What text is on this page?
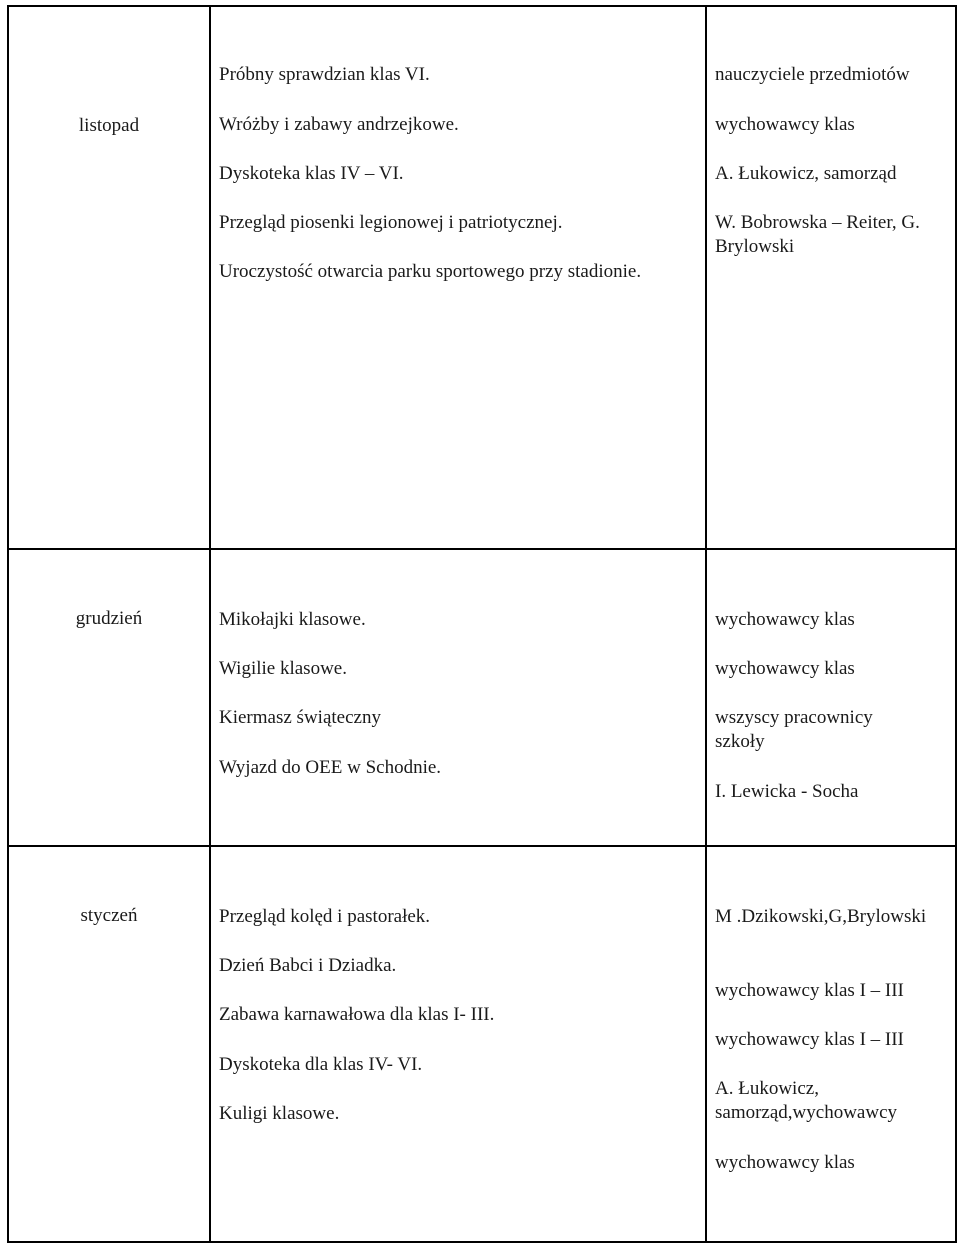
listopad
Próbny sprawdzian klas VI.
Wróżby i zabawy andrzejkowe.
Dyskoteka klas IV – VI.
Przegląd piosenki legionowej i patriotycznej.
Uroczystość otwarcia parku sportowego przy stadionie.
nauczyciele przedmiotów
wychowawcy klas
A. Łukowicz, samorząd
W. Bobrowska – Reiter, G. Brylowski
grudzień	Mikołajki klasowe.
Wigilie klasowe.
Kiermasz świąteczny
Wyjazd do OEE w Schodnie.
wychowawcy klas
wychowawcy klas
wszyscy pracownicy szkoły
I. Lewicka - Socha
styczeń	Przegląd kolęd i pastorałek.
Dzień Babci i Dziadka.
Zabawa karnawałowa dla klas I- III.
Dyskoteka dla klas IV- VI.
Kuligi klasowe.
M .Dzikowski,G,Brylowski
wychowawcy klas I – III
wychowawcy klas I – III
A. Łukowicz, samorząd,wychowawcy
wychowawcy klas
